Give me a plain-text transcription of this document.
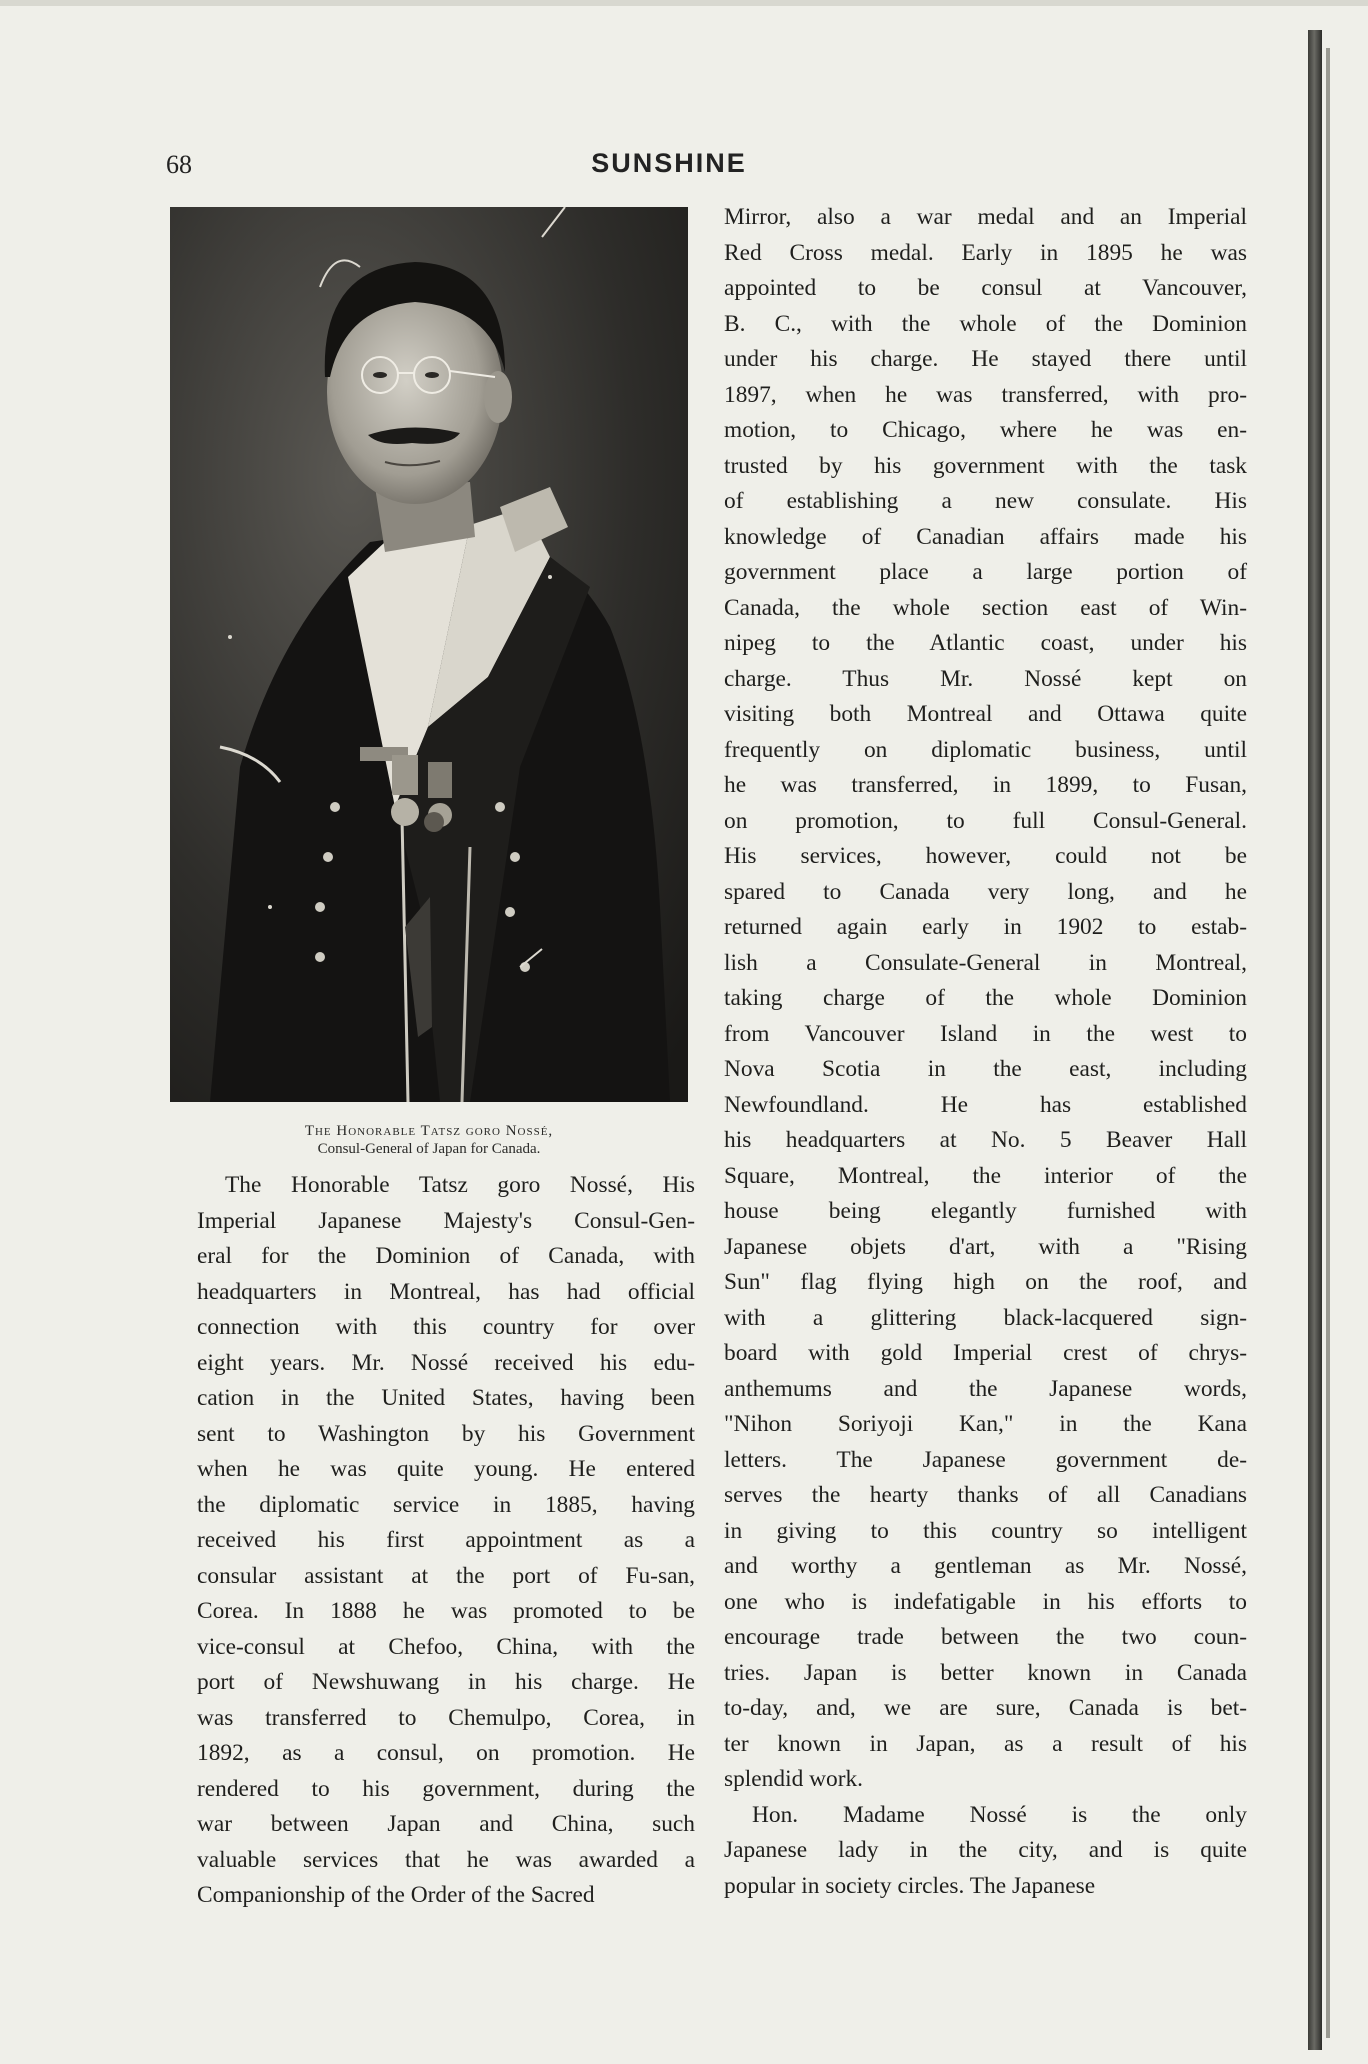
68	SUNSHINE
The Honorable Tatsz goro Nossé,
Consul-General of Japan for Canada.
The Honorable Tatsz goro Nossé, His
Imperial Japanese Majesty's Consul-Gen-
eral for the Dominion of Canada, with
headquarters in Montreal, has had official
connection with this country for over
eight years. Mr. Nossé received his edu-
cation in the United States, having been
sent to Washington by his Government
when he was quite young. He entered
the diplomatic service in 1885, having
received his first appointment as a
consular assistant at the port of Fu-san,
Corea. In 1888 he was promoted to be
vice-consul at Chefoo, China, with the
port of Newshuwang in his charge. He
was transferred to Chemulpo, Corea, in
1892, as a consul, on promotion. He
rendered to his government, during the
war between Japan and China, such
valuable services that he was awarded a
Companionship of the Order of the Sacred
Mirror, also a war medal and an Imperial
Red Cross medal. Early in 1895 he was
appointed to be consul at Vancouver,
B. C., with the whole of the Dominion
under his charge. He stayed there until
1897, when he was transferred, with pro-
motion, to Chicago, where he was en-
trusted by his government with the task
of establishing a new consulate. His
knowledge of Canadian affairs made his
government place a large portion of
Canada, the whole section east of Win-
nipeg to the Atlantic coast, under his
charge. Thus Mr. Nossé kept on
visiting both Montreal and Ottawa quite
frequently on diplomatic business, until
he was transferred, in 1899, to Fusan,
on promotion, to full Consul-General.
His services, however, could not be
spared to Canada very long, and he
returned again early in 1902 to estab-
lish a Consulate-General in Montreal,
taking charge of the whole Dominion
from Vancouver Island in the west to
Nova Scotia in the east, including
Newfoundland. He has established
his headquarters at No. 5 Beaver Hall
Square, Montreal, the interior of the
house being elegantly furnished with
Japanese objets d'art, with a "Rising
Sun" flag flying high on the roof, and
with a glittering black-lacquered sign-
board with gold Imperial crest of chrys-
anthemums and the Japanese words,
"Nihon Soriyoji Kan," in the Kana
letters. The Japanese government de-
serves the hearty thanks of all Canadians
in giving to this country so intelligent
and worthy a gentleman as Mr. Nossé,
one who is indefatigable in his efforts to
encourage trade between the two coun-
tries. Japan is better known in Canada
to-day, and, we are sure, Canada is bet-
ter known in Japan, as a result of his
splendid work.
Hon. Madame Nossé is the only
Japanese lady in the city, and is quite
popular in society circles. The Japanese
